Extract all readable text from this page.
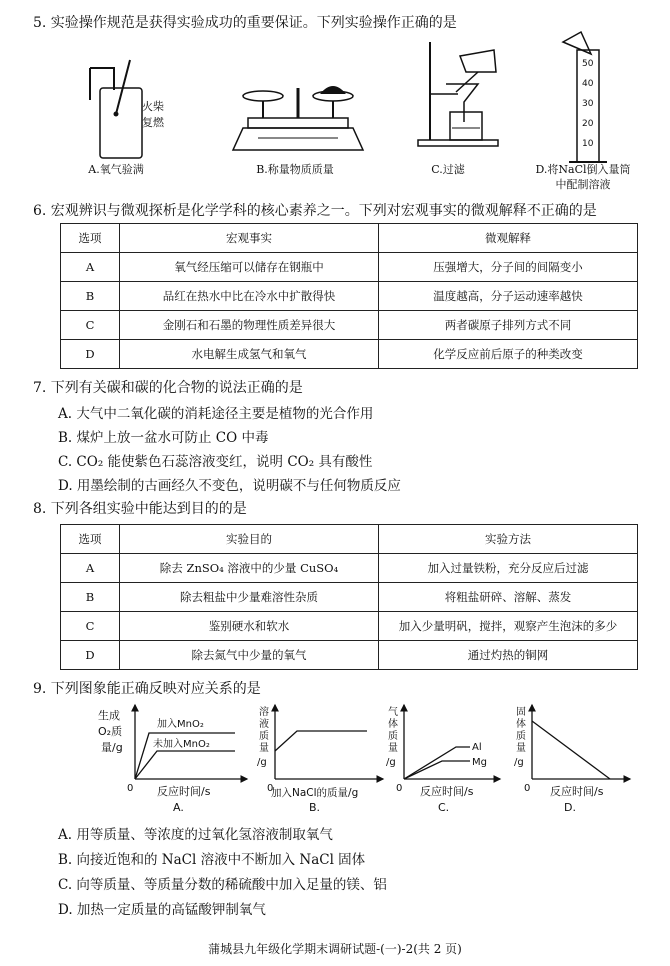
5. 实验操作规范是获得实验成功的重要保证。下列实验操作正确的是
火柴
复燃
50
40
30
20
10
A.氧气验满	B.称量物质质量	C.过滤	D.将NaCl倒入量筒
中配制溶液
6. 宏观辨识与微观探析是化学学科的核心素养之一。下列对宏观事实的微观解释不正确的是
选项	宏观事实	微观解释
A	氧气经压缩可以储存在钢瓶中	压强增大，分子间的间隔变小
B	品红在热水中比在冷水中扩散得快	温度越高，分子运动速率越快
C	金刚石和石墨的物理性质差异很大	两者碳原子排列方式不同
D	水电解生成氢气和氧气	化学反应前后原子的种类改变
7. 下列有关碳和碳的化合物的说法正确的是
A. 大气中二氧化碳的消耗途径主要是植物的光合作用
B. 煤炉上放一盆水可防止 CO 中毒
C. CO₂ 能使紫色石蕊溶液变红，说明 CO₂ 具有酸性
D. 用墨绘制的古画经久不变色，说明碳不与任何物质反应
8. 下列各组实验中能达到目的的是
选项	实验目的	实验方法
A	除去 ZnSO₄ 溶液中的少量 CuSO₄	加入过量铁粉，充分反应后过滤
B	除去粗盐中少量难溶性杂质	将粗盐研碎、溶解、蒸发
C	鉴别硬水和软水	加入少量明矾，搅拌，观察产生泡沫的多少
D	除去氮气中少量的氧气	通过灼热的铜网
9. 下列图象能正确反映对应关系的是
生成
O₂质
量/g
0
加入MnO₂
未加入MnO₂
反应时间/s
A.
溶
液
质
量
/g
0
加入NaCl的质量/g
B.
气
体
质
量
/g
0
Al
Mg
反应时间/s
C.
固
体
质
量
/g
0 反应时间/s
D.
A. 用等质量、等浓度的过氧化氢溶液制取氧气
B. 向接近饱和的 NaCl 溶液中不断加入 NaCl 固体
C. 向等质量、等质量分数的稀硫酸中加入足量的镁、铝
D. 加热一定质量的高锰酸钾制氧气
蒲城县九年级化学期末调研试题-(一)-2(共 2 页)
